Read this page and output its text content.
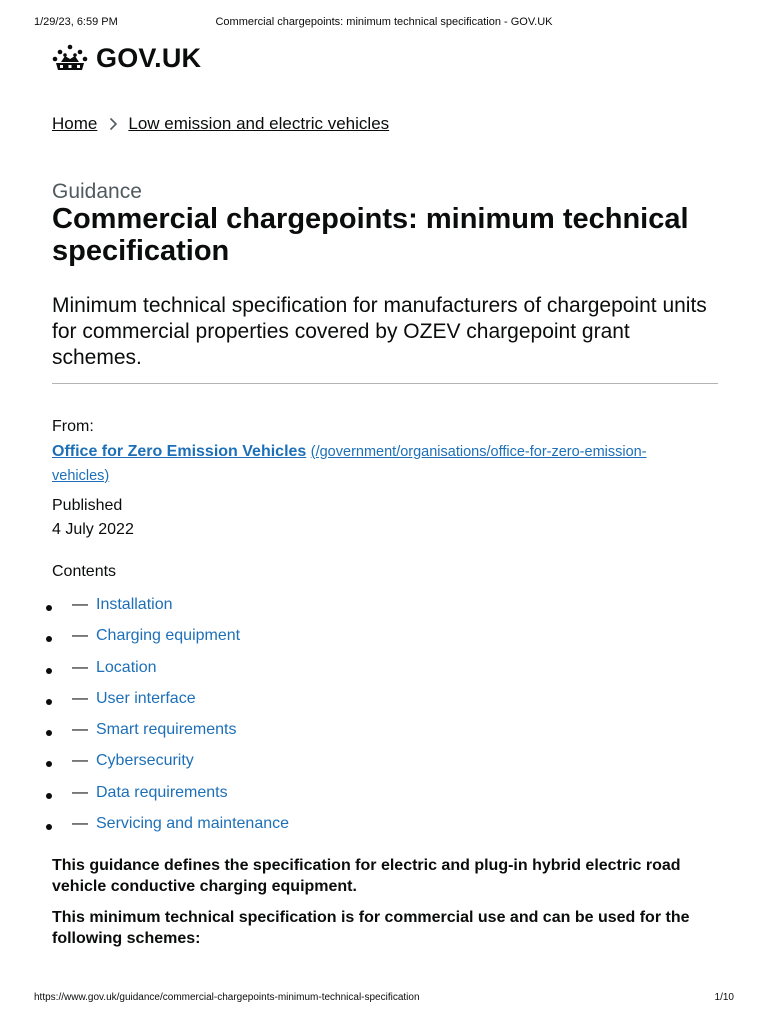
1/29/23, 6:59 PM	Commercial chargepoints: minimum technical specification - GOV.UK
GOV.UK
Home Low emission and electric vehicles
Guidance
Commercial chargepoints: minimum technical specification

Minimum technical specification for manufacturers of chargepoint units for commercial properties covered by OZEV chargepoint grant schemes.

From:
Office for Zero Emission Vehicles (/government/organisations/office-for-zero-emission-vehicles)
Published
4 July 2022
Contents
— Installation
— Charging equipment
— Location
— User interface
— Smart requirements
— Cybersecurity
— Data requirements
— Servicing and maintenance

This guidance defines the specification for electric and plug-in hybrid electric road vehicle conductive charging equipment.

This minimum technical specification is for commercial use and can be used for the following schemes:

https://www.gov.uk/guidance/commercial-chargepoints-minimum-technical-specification	1/10
